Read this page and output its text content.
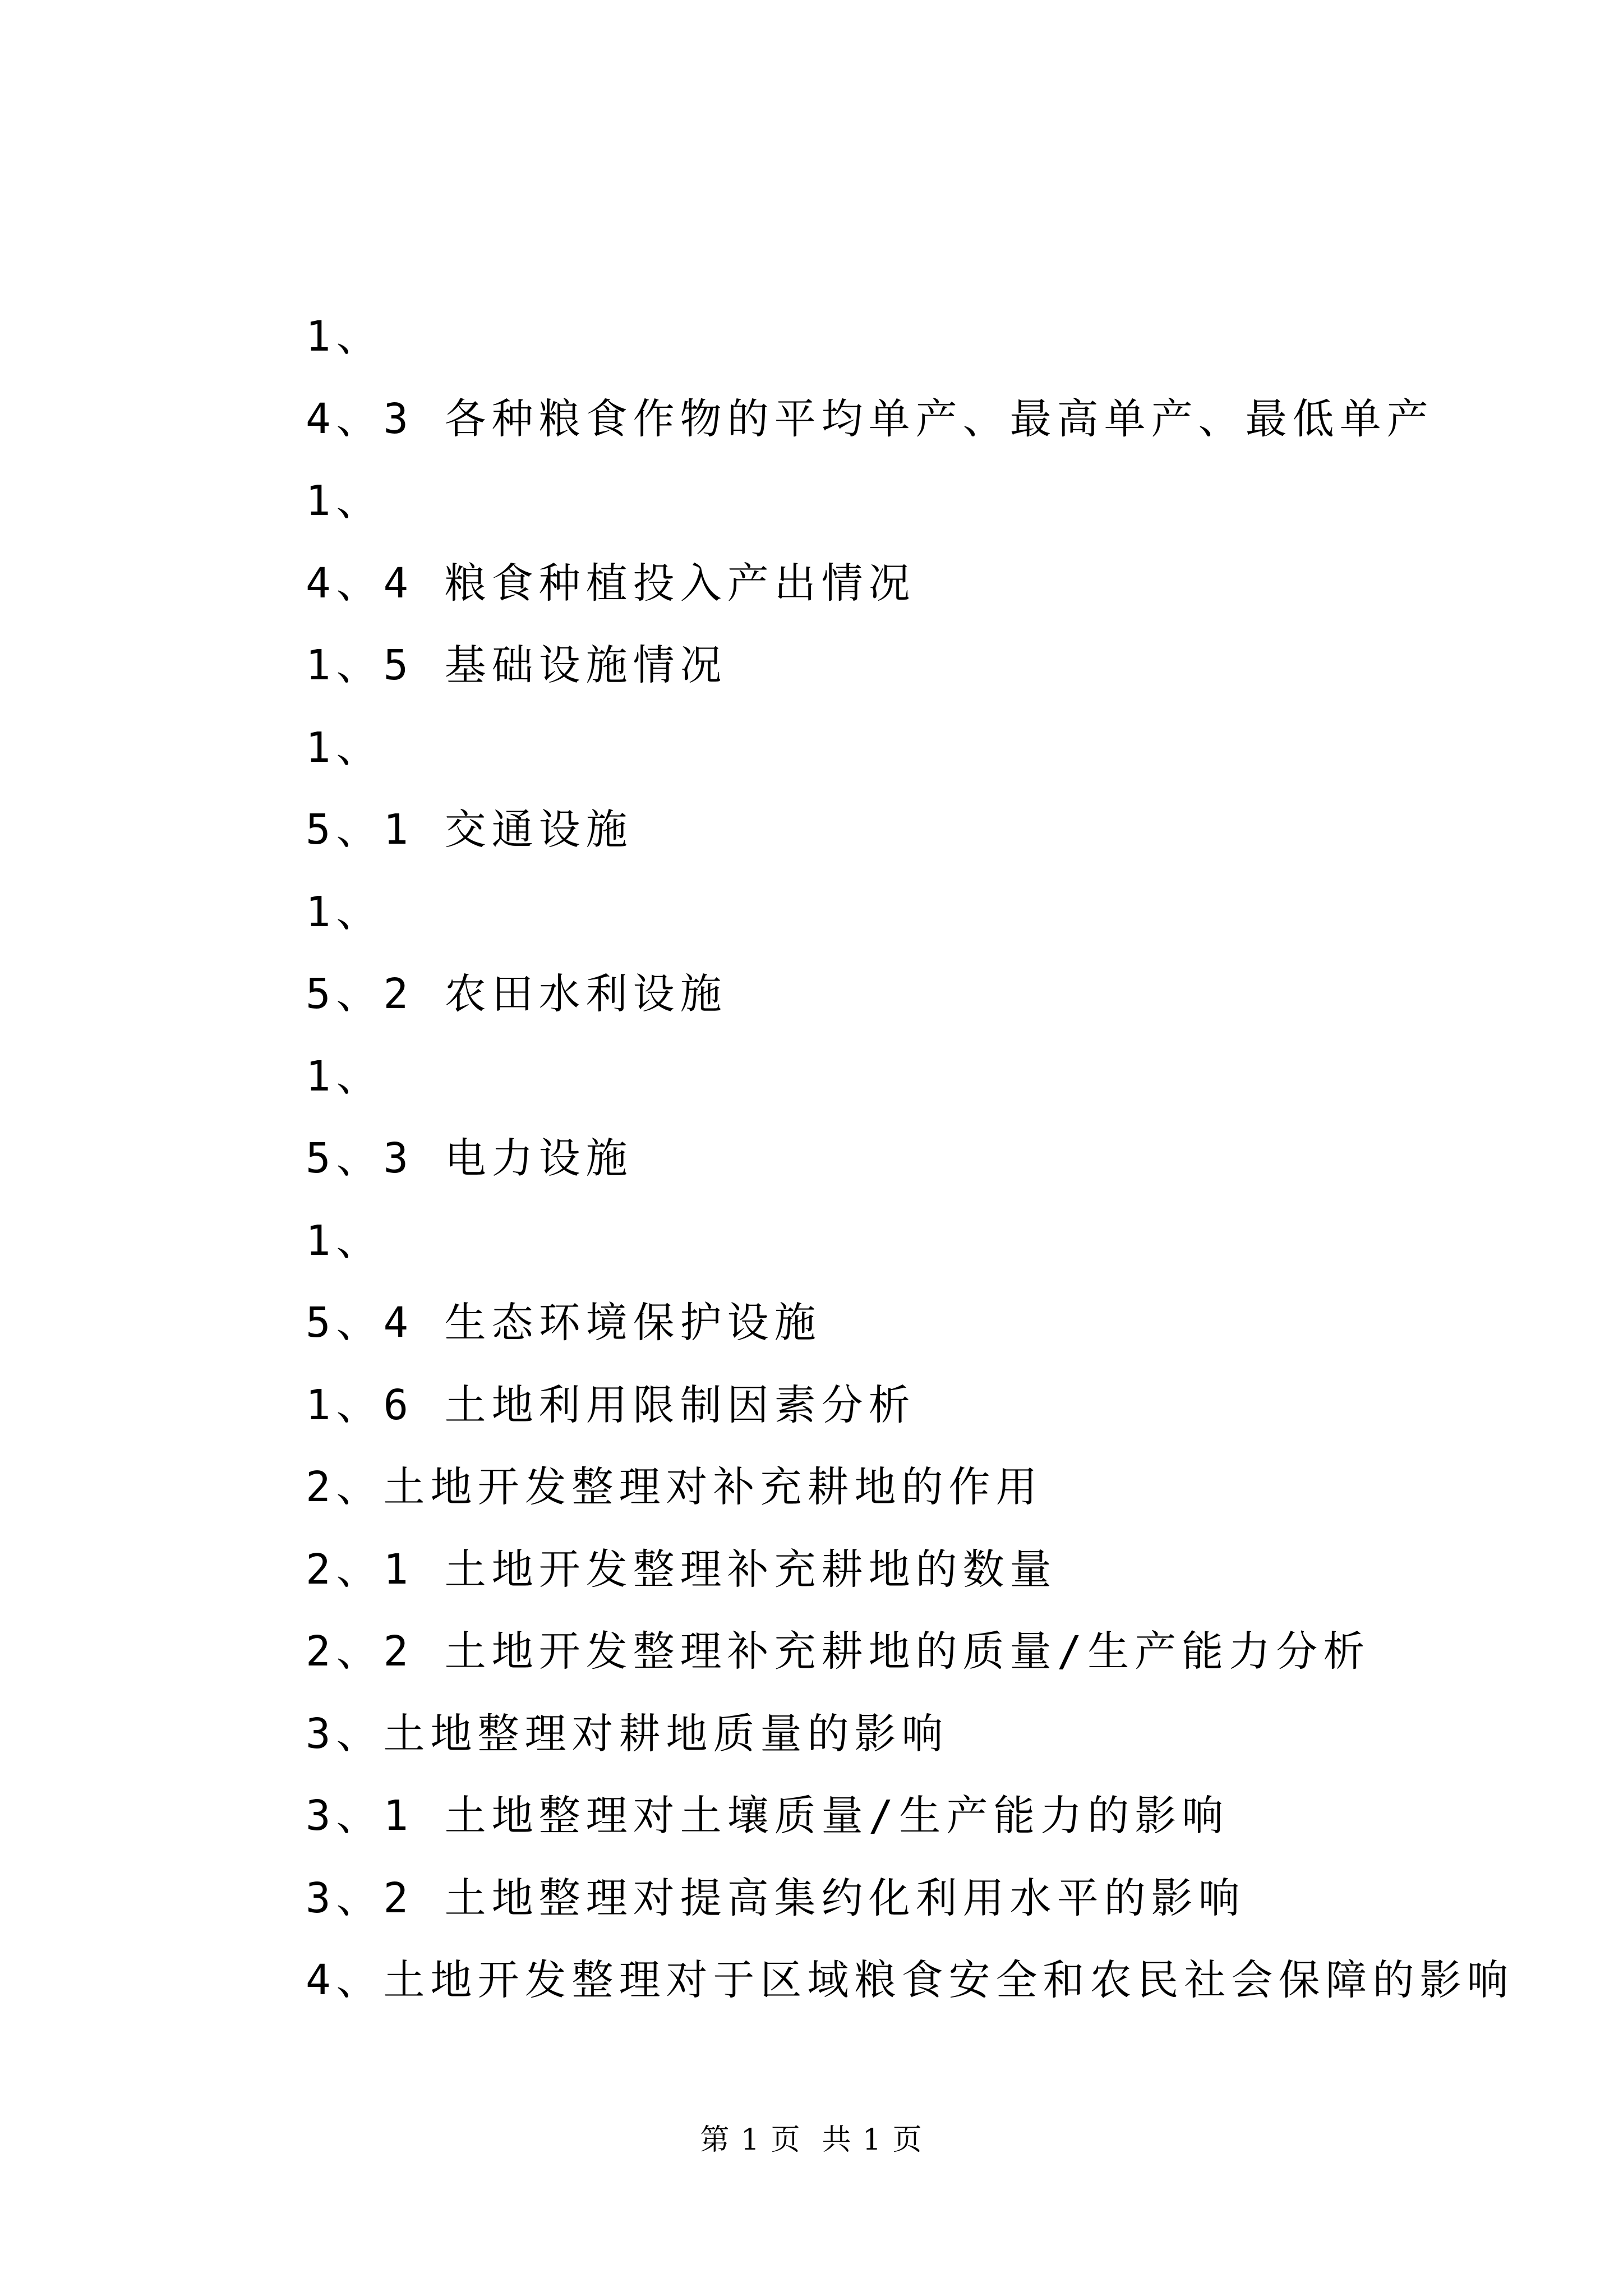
1、
4、3 各种粮食作物的平均单产、最高单产、最低单产
1、
4、4 粮食种植投入产出情况
1、5 基础设施情况
1、
5、1 交通设施
1、
5、2 农田水利设施
1、
5、3 电力设施
1、
5、4 生态环境保护设施
1、6 土地利用限制因素分析
2、土地开发整理对补充耕地的作用
2、1 土地开发整理补充耕地的数量
2、2 土地开发整理补充耕地的质量/生产能力分析
3、土地整理对耕地质量的影响
3、1 土地整理对土壤质量/生产能力的影响
3、2 土地整理对提高集约化利用水平的影响
4、土地开发整理对于区域粮食安全和农民社会保障的影响
第 1 页  共 1 页
